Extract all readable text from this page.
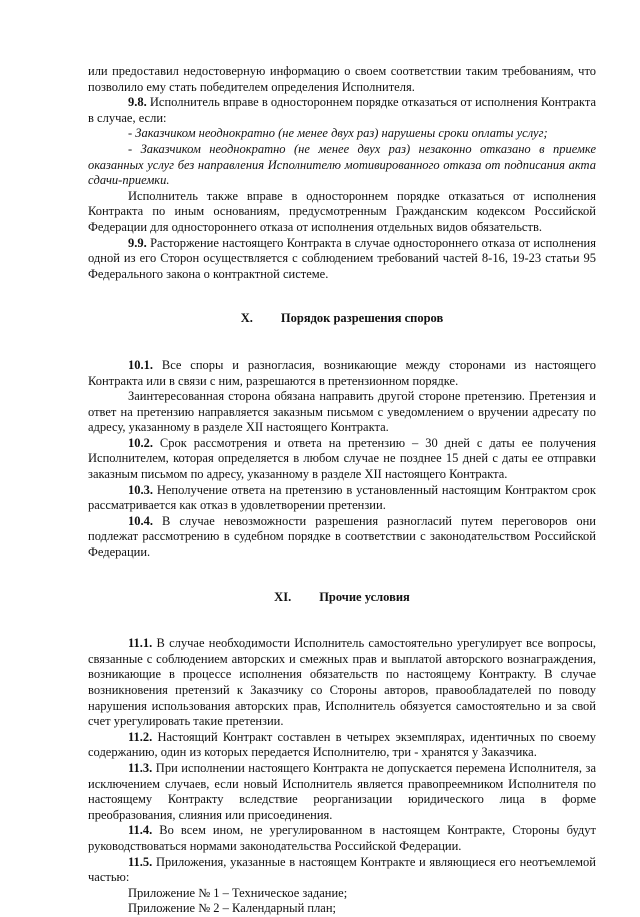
или предоставил недостоверную информацию о своем соответствии таким требованиям, что позволило ему стать победителем определения Исполнителя.

9.8. Исполнитель вправе в одностороннем порядке отказаться от исполнения Контракта в случае, если:

- Заказчиком неоднократно (не менее двух раз) нарушены сроки оплаты услуг;

- Заказчиком неоднократно (не менее двух раз) незаконно отказано в приемке оказанных услуг без направления Исполнителю мотивированного отказа от подписания акта сдачи-приемки.

Исполнитель также вправе в одностороннем порядке отказаться от исполнения Контракта по иным основаниям, предусмотренным Гражданским кодексом Российской Федерации для одностороннего отказа от исполнения отдельных видов обязательств.

9.9. Расторжение настоящего Контракта в случае одностороннего отказа от исполнения одной из его Сторон осуществляется с соблюдением требований частей 8-16, 19-23 статьи 95 Федерального закона о контрактной системе.

X. Порядок разрешения споров

10.1. Все споры и разногласия, возникающие между сторонами из настоящего Контракта или в связи с ним, разрешаются в претензионном порядке.

Заинтересованная сторона обязана направить другой стороне претензию. Претензия и ответ на претензию направляется заказным письмом с уведомлением о вручении адресату по адресу, указанному в разделе XII настоящего Контракта.

10.2. Срок рассмотрения и ответа на претензию – 30 дней с даты ее получения Исполнителем, которая определяется в любом случае не позднее 15 дней с даты ее отправки заказным письмом по адресу, указанному в разделе XII настоящего Контракта.

10.3. Неполучение ответа на претензию в установленный настоящим Контрактом срок рассматривается как отказ в удовлетворении претензии.

10.4. В случае невозможности разрешения разногласий путем переговоров они подлежат рассмотрению в судебном порядке в соответствии с законодательством Российской Федерации.

XI. Прочие условия

11.1. В случае необходимости Исполнитель самостоятельно урегулирует все вопросы, связанные с соблюдением авторских и смежных прав и выплатой авторского вознаграждения, возникающие в процессе исполнения обязательств по настоящему Контракту. В случае возникновения претензий к Заказчику со Стороны авторов, правообладателей по поводу нарушения использования авторских прав, Исполнитель обязуется самостоятельно и за свой счет урегулировать такие претензии.

11.2. Настоящий Контракт составлен в четырех экземплярах, идентичных по своему содержанию, один из которых передается Исполнителю, три - хранятся у Заказчика.

11.3. При исполнении настоящего Контракта не допускается перемена Исполнителя, за исключением случаев, если новый Исполнитель является правопреемником Исполнителя по настоящему Контракту вследствие реорганизации юридического лица в форме преобразования, слияния или присоединения.

11.4. Во всем ином, не урегулированном в настоящем Контракте, Стороны будут руководствоваться нормами законодательства Российской Федерации.

11.5. Приложения, указанные в настоящем Контракте и являющиеся его неотъемлемой частью:

Приложение № 1 – Техническое задание;

Приложение № 2 – Календарный план;
